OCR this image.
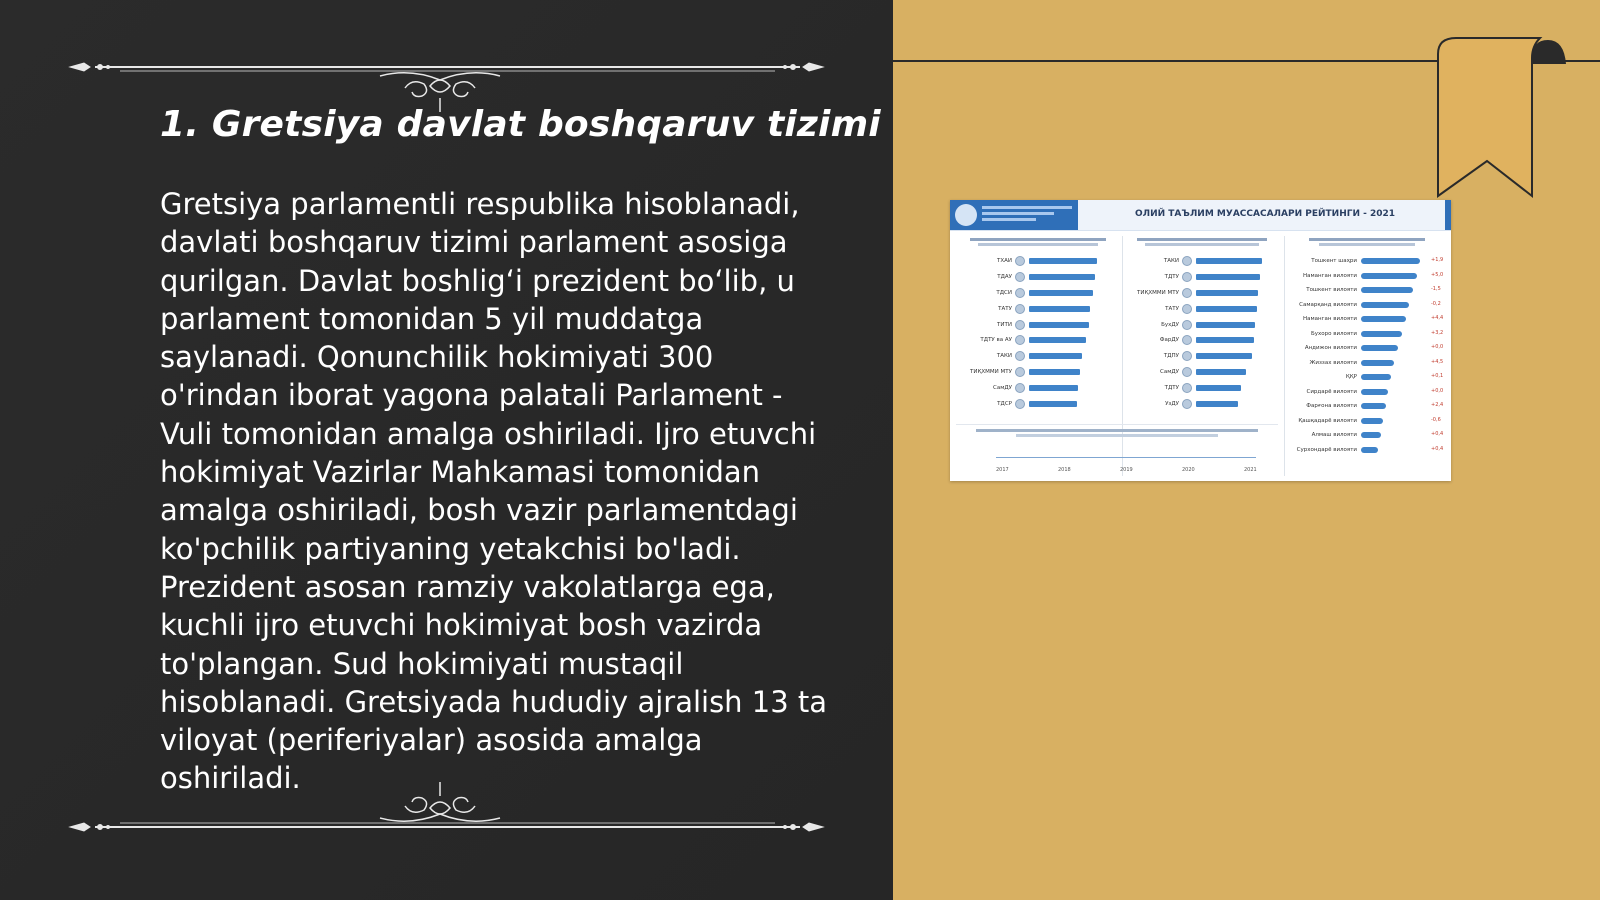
1. Gretsiya davlat boshqaruv tizimi

Gretsiya parlamentli respublika hisoblanadi, davlati boshqaruv tizimi parlament asosiga qurilgan. Davlat boshlig‘i prezident bo‘lib, u parlament tomonidan 5 yil muddatga saylanadi. Qonunchilik hokimiyati 300 o'rindan iborat yagona palatali Parlament - Vuli tomonidan amalga oshiriladi. Ijro etuvchi hokimiyat Vazirlar Mahkamasi tomonidan amalga oshiriladi, bosh vazir parlamentdagi ko'pchilik partiyaning yetakchisi bo'ladi. Prezident asosan ramziy vakolatlarga ega, kuchli ijro etuvchi hokimiyat bosh vazirda to'plangan. Sud hokimiyati mustaqil hisoblanadi. Gretsiyada hududiy ajralish 13 ta viloyat (periferiyalar) asosida amalga oshiriladi.

ОЛИЙ ТАЪЛИМ МУАССАСАЛАРИ РЕЙТИНГИ - 2021
ТХАИ
ТДАУ
ТДСИ
ТАТУ
ТИТИ
ТДТУ ва АУ
ТАКИ
ТИҚХММИ МТУ
СамДУ
ТДСР
ТАКИ
ТДТУ
ТИҚХММИ МТУ
ТАТУ
БухДУ
ФарДУ
ТДПУ
СамДУ
ТДТУ
УзДУ
Тошкент шаҳри	+1,9
Наманган вилояти	+5,0
Тошкент вилояти	-1,5
Самарқанд вилояти	-0,2
Наманган вилояти	+4,4
Бухоро вилояти	+3,2
Андижон вилояти	+0,0
Жиззах вилояти	+4,5
ҚҚР	+0,1
Сирдарё вилояти	+0,0
Фарғона вилояти	+2,4
Қашқадарё вилояти	-0,6
Алмаш вилояти	+0,4
Сурхондарё вилояти	+0,4
2017	2018	2019	2020	2021
